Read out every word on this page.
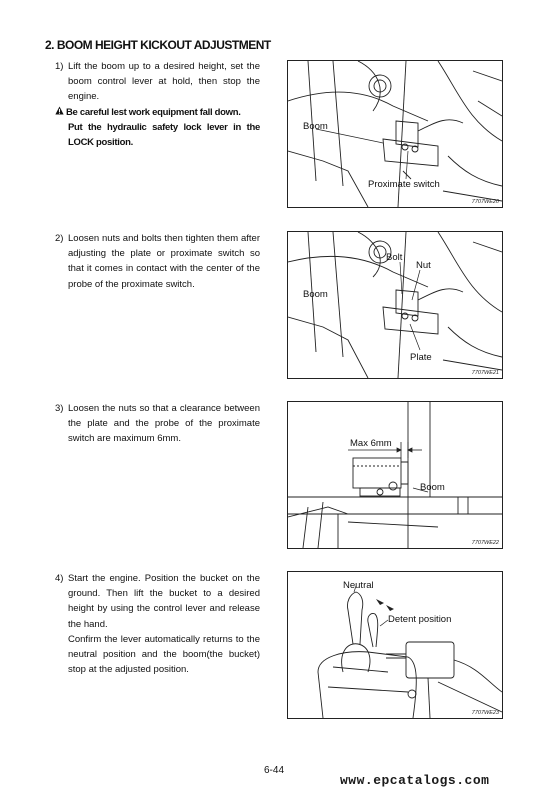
2. BOOM HEIGHT KICKOUT ADJUSTMENT
1) Lift the boom up to a desired height, set the boom control lever at hold, then stop the engine.

Be careful lest work equipment fall down.
Put the hydraulic safety lock lever in the LOCK position.
2) Loosen nuts and bolts then tighten them after adjusting the plate or proximate switch so that it comes in contact with the center of the probe of the proximate switch.

3) Loosen the nuts so that a clearance between the plate and the probe of the proximate switch are maximum 6mm.

4) Start the engine. Position the bucket on the ground. Then lift the bucket to a desired height by using the control lever and release the hand.

Confirm the lever automatically returns to the neutral position and the boom(the bucket) stop at the adjusted position.

Boom
Proximate switch
7707WE20
Bolt
Nut
Boom
Plate
7707WE21
Max 6mm
Boom
7707WE22
Neutral
Detent position
7707WE23
6-44
www.epcatalogs.com
